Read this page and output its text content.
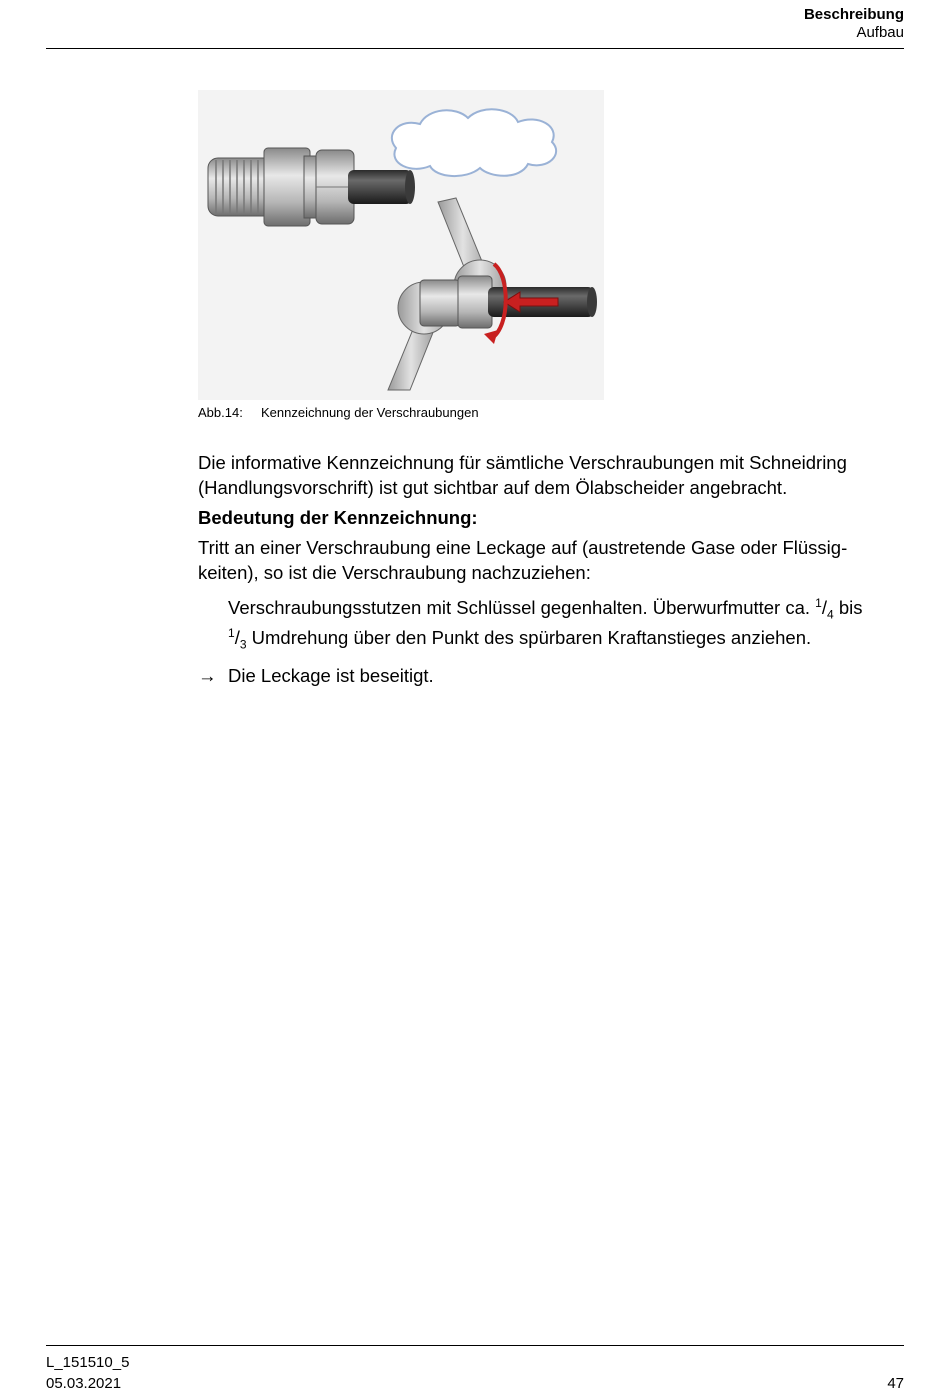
Beschreibung
Aufbau
Abb.14: Kennzeichnung der Verschraubungen
Die informative Kennzeichnung für sämtliche Verschraubungen mit Schneidring (Handlungsvorschrift) ist gut sichtbar auf dem Ölabscheider angebracht.
Bedeutung der Kennzeichnung:
Tritt an einer Verschraubung eine Leckage auf (austretende Gase oder Flüssig-keiten), so ist die Verschraubung nachzuziehen:
Verschraubungsstutzen mit Schlüssel gegenhalten. Überwurfmutter ca. $^1/_4$ bis
$^1/_3$ Umdrehung über den Punkt des spürbaren Kraftanstieges anziehen.
→ Die Leckage ist beseitigt.
L_151510_5
05.03.2021	47
